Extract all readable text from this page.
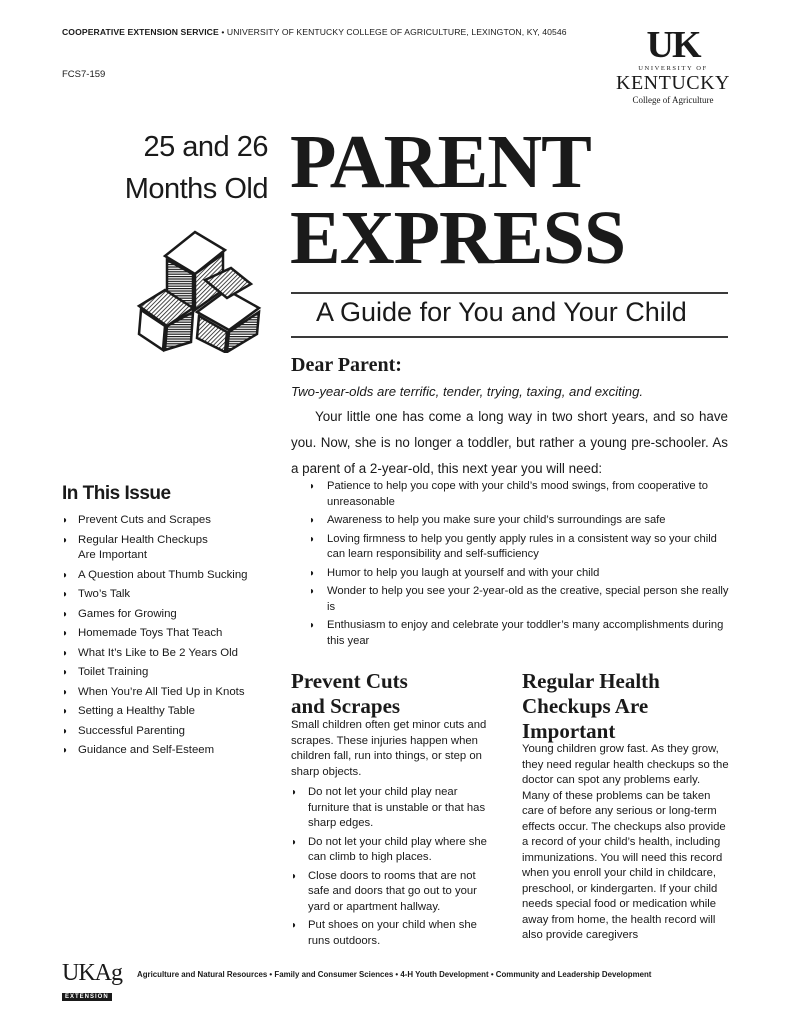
COOPERATIVE EXTENSION SERVICE • UNIVERSITY OF KENTUCKY COLLEGE OF AGRICULTURE, LEXINGTON, KY, 40546
FCS7-159
UK
UNIVERSITY OF
KENTUCKY
College of Agriculture
25 and 26
Months Old PARENT
EXPRESS
A Guide for You and Your Child
Dear Parent:
Two-year-olds are terrific, tender, trying, taxing, and exciting.
Your little one has come a long way in two short years, and so have you. Now, she is no longer a toddler, but rather a young pre-schooler. As a parent of a 2-year-old, this next year you will need:
◗ Patience to help you cope with your child’s mood swings, from cooperative to unreasonable
◗ Awareness to help you make sure your child’s surroundings are safe
◗ Loving firmness to help you gently apply rules in a consistent way so your child can learn responsibility and self-sufficiency
◗ Humor to help you laugh at yourself and with your child
◗ Wonder to help you see your 2-year-old as the creative, special person she really is
◗ Enthusiasm to enjoy and celebrate your toddler’s many accomplishments during this year
In This Issue
◗ Prevent Cuts and Scrapes
◗ Regular Health Checkups Are Important
◗ A Question about Thumb Sucking
◗ Two’s Talk
◗ Games for Growing
◗ Homemade Toys That Teach
◗ What It’s Like to Be 2 Years Old
◗ Toilet Training
◗ When You’re All Tied Up in Knots
◗ Setting a Healthy Table
◗ Successful Parenting
◗ Guidance and Self-Esteem
Prevent Cuts
and Scrapes
Small children often get minor cuts and scrapes. These injuries happen when children fall, run into things, or step on sharp objects.
◗ Do not let your child play near furniture that is unstable or that has sharp edges.
◗ Do not let your child play where she can climb to high places.
◗ Close doors to rooms that are not safe and doors that go out to your yard or apartment hallway.
◗ Put shoes on your child when she runs outdoors.
Regular Health
Checkups Are
Important
Young children grow fast. As they grow, they need regular health checkups so the doctor can spot any problems early. Many of these problems can be taken care of before any serious or long-term effects occur. The checkups also provide a record of your child’s health, including immunizations. You will need this record when you enroll your child in childcare, preschool, or kindergarten. If your child needs special food or medication while away from home, the health record will also provide caregivers
UKAg
EXTENSION
Agriculture and Natural Resources • Family and Consumer Sciences • 4-H Youth Development • Community and Leadership Development
